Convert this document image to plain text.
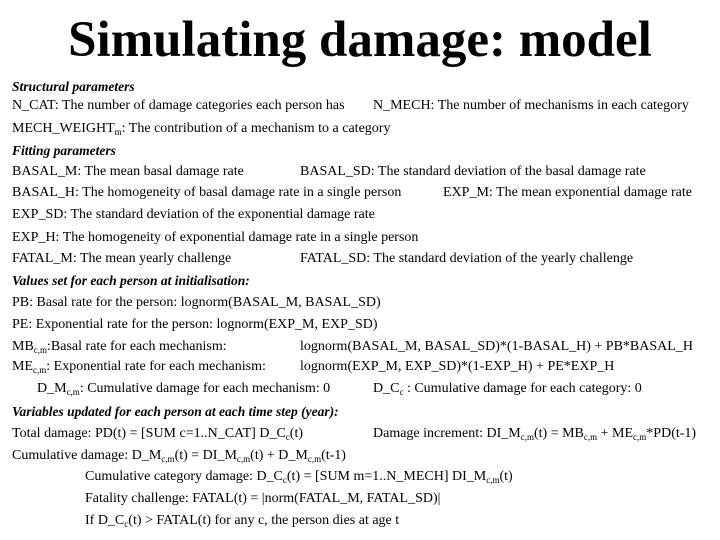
Simulating damage: model
Structural parameters
N_CAT: The number of damage categories each person has N_MECH: The number of mechanisms in each category
$MECH\_WEIGHT_m$: The contribution of a mechanism to a category
Fitting parameters
BASAL_M: The mean basal damage rate	BASAL_SD: The standard deviation of the basal damage rate
BASAL_H: The homogeneity of basal damage rate in a single person	EXP_M: The mean exponential damage rate
EXP_SD: The standard deviation of the exponential damage rate
EXP_H: The homogeneity of exponential damage rate in a single person
FATAL_M: The mean yearly challenge	FATAL_SD: The standard deviation of the yearly challenge
Values set for each person at initialisation:
PB: Basal rate for the person: lognorm(BASAL_M, BASAL_SD)
PE: Exponential rate for the person: lognorm(EXP_M, EXP_SD)
$MB_{c,m}:Basal$ rate for each mechanism:	lognorm(BASAL_M, BASAL_SD)*(1-BASAL_H) + PB*BASAL_H
$ME_{c,m}$: Exponential rate for each mechanism: lognorm(EXP_M, EXP_SD)*(1-EXP_H) + PE*EXP_H
$D\_M_{c,m}$: Cumulative damage for each mechanism: 0	$D\_C_c$ : Cumulative damage for each category: 0
Variables updated for each person at each time step (year):
Total damage: PD(t) = [SUM c=1..N_CAT] $D\_C_c(t)$	Damage increment: $DI\_M_{c,m}(t) = MB_{c,m} + ME_{c,m}*PD(t-1)$
Cumulative damage: $D\_M_{c,m}(t)$ = $DI\_M_{c,m}(t)$ + $D\_M_{c,m}(t-1)$
Cumulative category damage: $D\_C_c(t) = [SUM$ m=1..N_MECH] $DI\_M_{c,m}(t)$
Fatality challenge: FATAL(t) = |norm(FATAL_M, FATAL_SD)|
If $D\_C_c(t)$ > FATAL(t) for any c, the person dies at age t
